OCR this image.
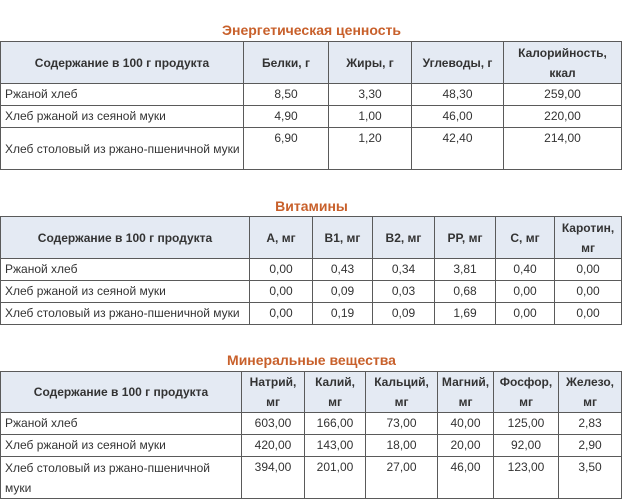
Энергетическая ценность
Содержание в 100 г продукта	Белки, г	Жиры, г	Углеводы, г	Калорийность, ккал
Ржаной хлеб	8,50	3,30	48,30	259,00
Хлеб ржаной из сеяной муки	4,90	1,00	46,00	220,00
Хлеб столовый из ржано-пшеничной муки	6,90	1,20	42,40	214,00
Витамины
Содержание в 100 г продукта	А, мг	В1, мг	В2, мг	РР, мг	С, мг	Каротин, мг
Ржаной хлеб	0,00	0,43	0,34	3,81	0,40	0,00
Хлеб ржаной из сеяной муки	0,00	0,09	0,03	0,68	0,00	0,00
Хлеб столовый из ржано-пшеничной муки	0,00	0,19	0,09	1,69	0,00	0,00
Минеральные вещества
Содержание в 100 г продукта	Натрий, мг	Калий, мг	Кальций, мг	Магний, мг	Фосфор, мг	Железо, мг
Ржаной хлеб	603,00	166,00	73,00	40,00	125,00	2,83
Хлеб ржаной из сеяной муки	420,00	143,00	18,00	20,00	92,00	2,90
Хлеб столовый из ржано-пшеничной муки	394,00	201,00	27,00	46,00	123,00	3,50
